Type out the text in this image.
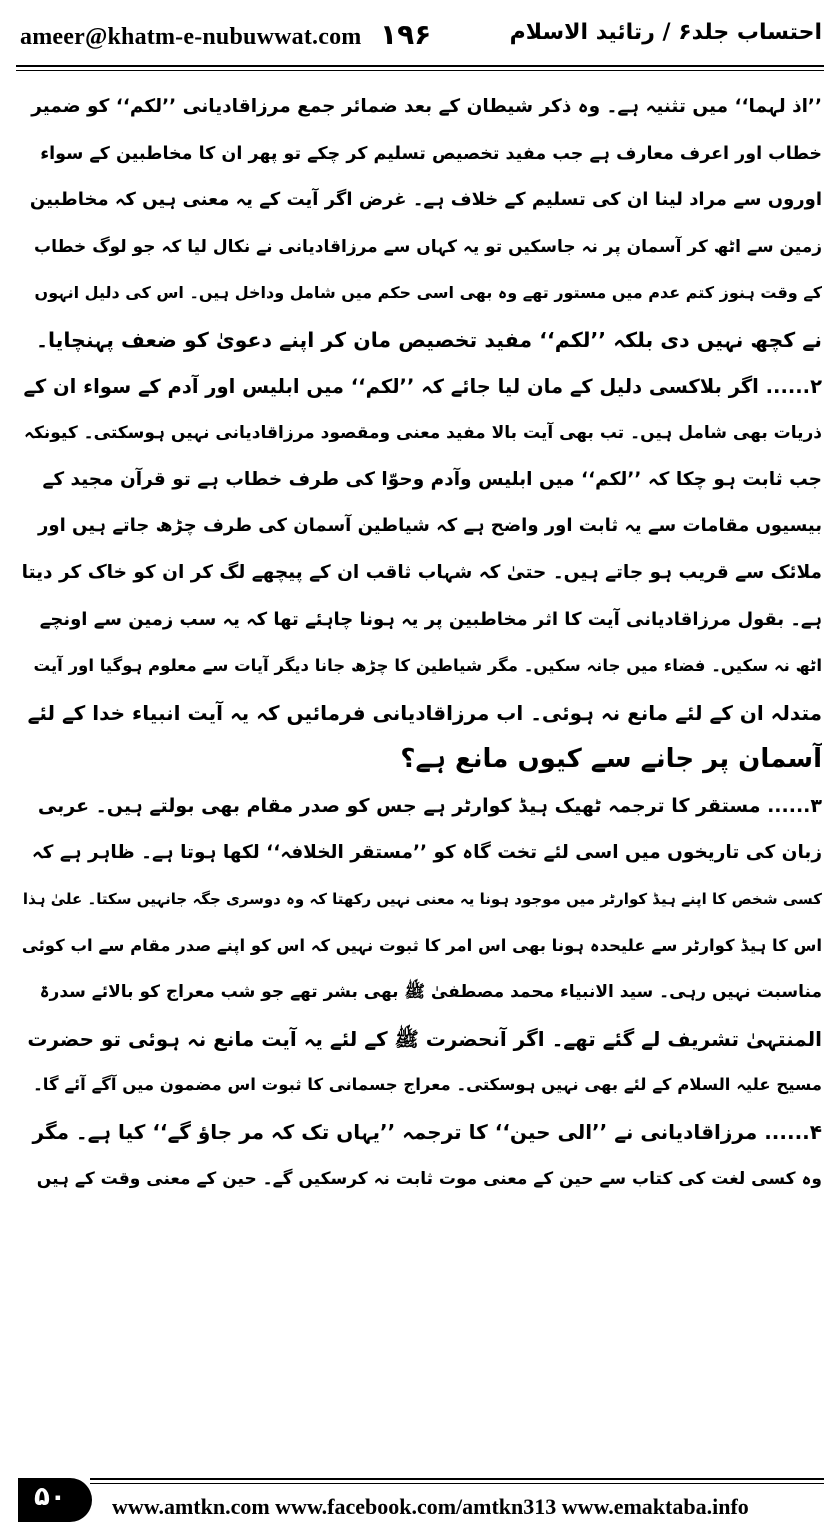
ameer@khatm-e-nubuwwat.com ۱۹۶	احتساب جلد۶ / رتائید الاسلام
’’اذ لہما‘‘ میں تثنیہ ہے۔ وہ ذکر شیطان کے بعد ضمائر جمع مرزاقادیانی ’’لکم‘‘ کو ضمیر
خطاب اور اعرف معارف ہے جب مفید تخصیص تسلیم کر چکے تو پھر ان کا مخاطبین کے سواء
اوروں سے مراد لینا ان کی تسلیم کے خلاف ہے۔ غرض اگر آیت کے یہ معنی ہیں کہ مخاطبین
زمین سے اٹھ کر آسمان پر نہ جاسکیں تو یہ کہاں سے مرزاقادیانی نے نکال لیا کہ جو لوگ خطاب
کے وقت ہنوز کتم عدم میں مستور تھے وہ بھی اسی حکم میں شامل وداخل ہیں۔ اس کی دلیل انہوں
نے کچھ نہیں دی بلکہ ’’لکم‘‘ مفید تخصیص مان کر اپنے دعویٰ کو ضعف پہنچایا۔
۲...... اگر بلاکسی دلیل کے مان لیا جائے کہ ’’لکم‘‘ میں ابلیس اور آدم کے سواء ان کے
ذریات بھی شامل ہیں۔ تب بھی آیت بالا مفید معنی ومقصود مرزاقادیانی نہیں ہوسکتی۔ کیونکہ
جب ثابت ہو چکا کہ ’’لکم‘‘ میں ابلیس وآدم وحوّا کی طرف خطاب ہے تو قرآن مجید کے
بیسیوں مقامات سے یہ ثابت اور واضح ہے کہ شیاطین آسمان کی طرف چڑھ جاتے ہیں اور
ملائک سے قریب ہو جاتے ہیں۔ حتیٰ کہ شہاب ثاقب ان کے پیچھے لگ کر ان کو خاک کر دیتا
ہے۔ بقول مرزاقادیانی آیت کا اثر مخاطبین پر یہ ہونا چاہئے تھا کہ یہ سب زمین سے اونچے
اٹھ نہ سکیں۔ فضاء میں جانہ سکیں۔ مگر شیاطین کا چڑھ جانا دیگر آیات سے معلوم ہوگیا اور آیت
متدلہ ان کے لئے مانع نہ ہوئی۔ اب مرزاقادیانی فرمائیں کہ یہ آیت انبیاء خدا کے لئے
آسمان پر جانے سے کیوں مانع ہے؟
۳...... مستقر کا ترجمہ ٹھیک ہیڈ کوارٹر ہے جس کو صدر مقام بھی بولتے ہیں۔ عربی
زبان کی تاریخوں میں اسی لئے تخت گاہ کو ’’مستقر الخلافہ‘‘ لکھا ہوتا ہے۔ ظاہر ہے کہ
کسی شخص کا اپنے ہیڈ کوارٹر میں موجود ہونا یہ معنی نہیں رکھتا کہ وہ دوسری جگہ جانہیں سکتا۔ علیٰ ہذا
اس کا ہیڈ کوارٹر سے علیحدہ ہونا بھی اس امر کا ثبوت نہیں کہ اس کو اپنے صدر مقام سے اب کوئی
مناسبت نہیں رہی۔ سید الانبیاء محمد مصطفیٰ ﷺ بھی بشر تھے جو شب معراج کو بالائے سدرۃ
المنتہیٰ تشریف لے گئے تھے۔ اگر آنحضرت ﷺ کے لئے یہ آیت مانع نہ ہوئی تو حضرت
مسیح علیہ السلام کے لئے بھی نہیں ہوسکتی۔ معراج جسمانی کا ثبوت اس مضمون میں آگے آئے گا۔
۴...... مرزاقادیانی نے ’’الی حین‘‘ کا ترجمہ ’’یہاں تک کہ مر جاؤ گے‘‘ کیا ہے۔ مگر
وہ کسی لغت کی کتاب سے حین کے معنی موت ثابت نہ کرسکیں گے۔ حین کے معنی وقت کے ہیں
۵۰ www.amtkn.com www.facebook.com/amtkn313 www.emaktaba.info
